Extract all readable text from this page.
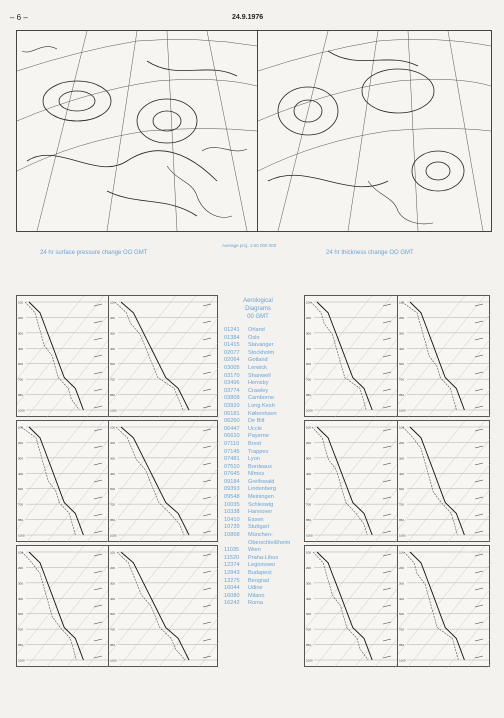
– 6 –	24.9.1976
24 hr surface pressure change OO GMT
Average proj. 1:60 000 000
24 hr thickness change OO GMT
Aerological
Diagrams
00 GMT
01241	Orland
01384	Oslo
01415	Stavanger
02077	Stockholm
02064	Gotland
03005	Lerwick
03170	Shanwell
03496	Hemsby
03774	Crawley
03808	Camborne
03920	Long Kesh
06181	København
06260	De Bilt
06447	Uccle
06610	Payerne
07110	Brest
07145	Trappes
07481	Lyon
07510	Bordeaux
07645	Nîmes
09184	Greifswald
09393	Lindenberg
09548	Meiningen
10035	Schleswig
10338	Hannover
10410	Essen
10739	Stuttgart
10868	München-Oberschleißheim
11035	Wien
11520	Praha-Libus
12374	Legionowo
12843	Budapest
13275	Beograd
16044	Udine
16080	Milano
16242	Roma
100
200
300
400
500
700
850
1000
100
200
300
400
500
700
850
1000
100
200
300
400
500
700
850
1000
100
200
300
400
500
700
850
1000
100
200
300
400
500
700
850
1000
100
200
300
400
500
700
850
1000
100
200
300
400
500
700
850
1000
100
200
300
400
500
700
850
1000
100
200
300
400
500
700
850
1000
100
200
300
400
500
700
850
1000
100
200
300
400
500
700
850
1000
100
200
300
400
500
700
850
1000
